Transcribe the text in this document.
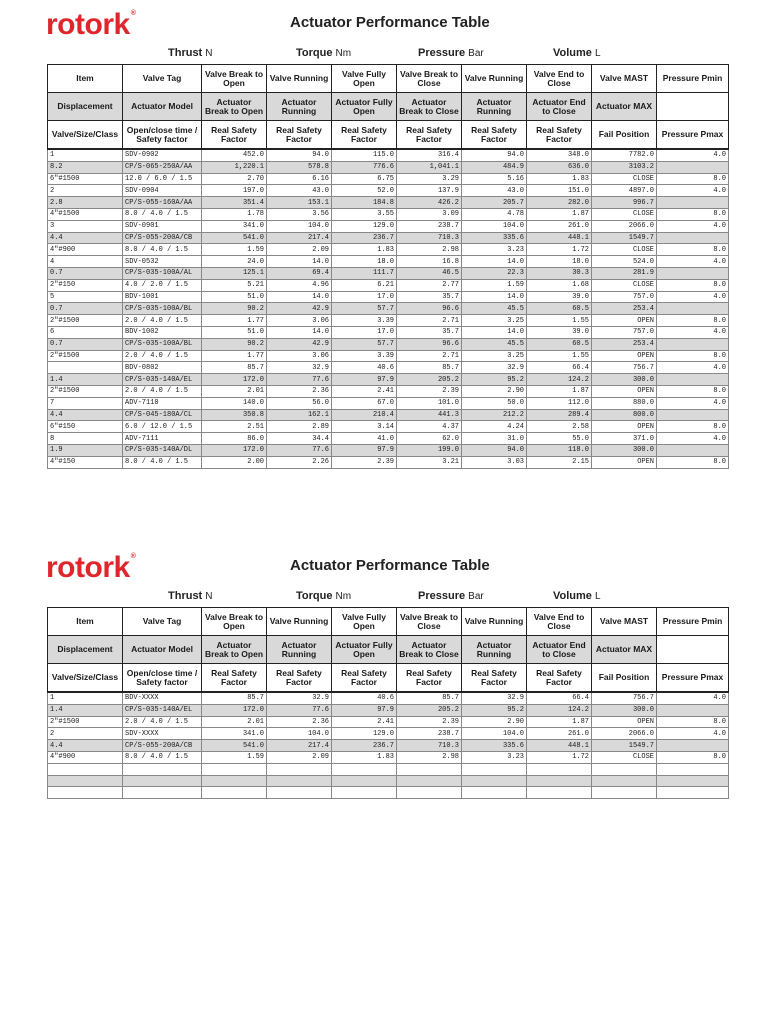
rotork®
Actuator Performance Table
Thrust N	Torque Nm	Pressure Bar	Volume L
Item	Valve Tag	Valve Break to Open	Valve Running	Valve Fully Open	Valve Break to Close	Valve Running	Valve End to Close	Valve MAST	Pressure Pmin
Displacement	Actuator Model	Actuator Break to Open	Actuator Running	Actuator Fully Open	Actuator Break to Close	Actuator Running	Actuator End to Close	Actuator MAX	
Valve/Size/Class	Open/close time / Safety factor	Real Safety Factor	Real Safety Factor	Real Safety Factor	Real Safety Factor	Real Safety Factor	Real Safety Factor	Fail Position	Pressure Pmax
1	SDV-0902	452.0	94.0	115.0	316.4	94.0	348.0	7782.0	4.0
8.2	CP/S-065-250A/AA	1,220.1	578.8	776.6	1,041.1	484.9	636.0	3103.2	
6"#1500	12.0 / 6.0 / 1.5	2.70	6.16	6.75	3.29	5.16	1.83	CLOSE	8.0
2	SDV-0904	197.0	43.0	52.0	137.9	43.0	151.0	4897.0	4.0
2.8	CP/S-055-160A/AA	351.4	153.1	184.8	426.2	205.7	282.0	996.7	
4"#1500	8.0 / 4.0 / 1.5	1.78	3.56	3.55	3.09	4.78	1.87	CLOSE	8.0
3	SDV-0901	341.0	104.0	129.0	238.7	104.0	261.0	2066.0	4.0
4.4	CP/S-055-200A/CB	541.0	217.4	236.7	710.3	335.6	448.1	1549.7	
4"#900	8.0 / 4.0 / 1.5	1.59	2.09	1.83	2.98	3.23	1.72	CLOSE	8.0
4	SDV-0532	24.0	14.0	18.0	16.8	14.0	18.0	524.0	4.0
0.7	CP/S-035-100A/AL	125.1	69.4	111.7	46.5	22.3	30.3	281.9	
2"#150	4.0 / 2.0 / 1.5	5.21	4.96	6.21	2.77	1.59	1.68	CLOSE	8.0
5	BDV-1001	51.0	14.0	17.0	35.7	14.0	39.0	757.0	4.0
0.7	CP/S-035-100A/BL	90.2	42.9	57.7	96.6	45.5	60.5	253.4	
2"#1500	2.0 / 4.0 / 1.5	1.77	3.06	3.39	2.71	3.25	1.55	OPEN	8.0
6	BDV-1002	51.0	14.0	17.0	35.7	14.0	39.0	757.0	4.0
0.7	CP/S-035-100A/BL	90.2	42.9	57.7	96.6	45.5	60.5	253.4	
2"#1500	2.0 / 4.0 / 1.5	1.77	3.06	3.39	2.71	3.25	1.55	OPEN	8.0
	BDV-0802	85.7	32.9	40.6	85.7	32.9	66.4	756.7	4.0
1.4	CP/S-035-140A/EL	172.0	77.6	97.9	205.2	95.2	124.2	300.0	
2"#1500	2.0 / 4.0 / 1.5	2.01	2.36	2.41	2.39	2.90	1.87	OPEN	8.0
7	ADV-7110	140.0	56.0	67.0	101.0	50.0	112.0	880.0	4.0
4.4	CP/S-045-180A/CL	350.8	162.1	210.4	441.3	212.2	289.4	800.0	
6"#150	6.0 / 12.0 / 1.5	2.51	2.89	3.14	4.37	4.24	2.58	OPEN	8.0
8	ADV-7111	86.0	34.4	41.0	62.0	31.0	55.0	371.0	4.0
1.9	CP/S-035-140A/DL	172.0	77.6	97.9	199.0	94.0	118.0	300.0	
4"#150	8.0 / 4.0 / 1.5	2.00	2.26	2.39	3.21	3.03	2.15	OPEN	8.0
rotork®
Actuator Performance Table
Thrust N	Torque Nm	Pressure Bar	Volume L
Item	Valve Tag	Valve Break to Open	Valve Running	Valve Fully Open	Valve Break to Close	Valve Running	Valve End to Close	Valve MAST	Pressure Pmin
Displacement	Actuator Model	Actuator Break to Open	Actuator Running	Actuator Fully Open	Actuator Break to Close	Actuator Running	Actuator End to Close	Actuator MAX	
Valve/Size/Class	Open/close time / Safety factor	Real Safety Factor	Real Safety Factor	Real Safety Factor	Real Safety Factor	Real Safety Factor	Real Safety Factor	Fail Position	Pressure Pmax
1	BDV-XXXX	85.7	32.9	40.6	85.7	32.9	66.4	756.7	4.0
1.4	CP/S-035-140A/EL	172.0	77.6	97.9	205.2	95.2	124.2	300.0	
2"#1500	2.0 / 4.0 / 1.5	2.01	2.36	2.41	2.39	2.90	1.87	OPEN	8.0
2	SDV-XXXX	341.0	104.0	129.0	238.7	104.0	261.0	2066.0	4.0
4.4	CP/S-055-200A/CB	541.0	217.4	236.7	710.3	335.6	448.1	1549.7	
4"#900	8.0 / 4.0 / 1.5	1.59	2.09	1.83	2.98	3.23	1.72	CLOSE	8.0
